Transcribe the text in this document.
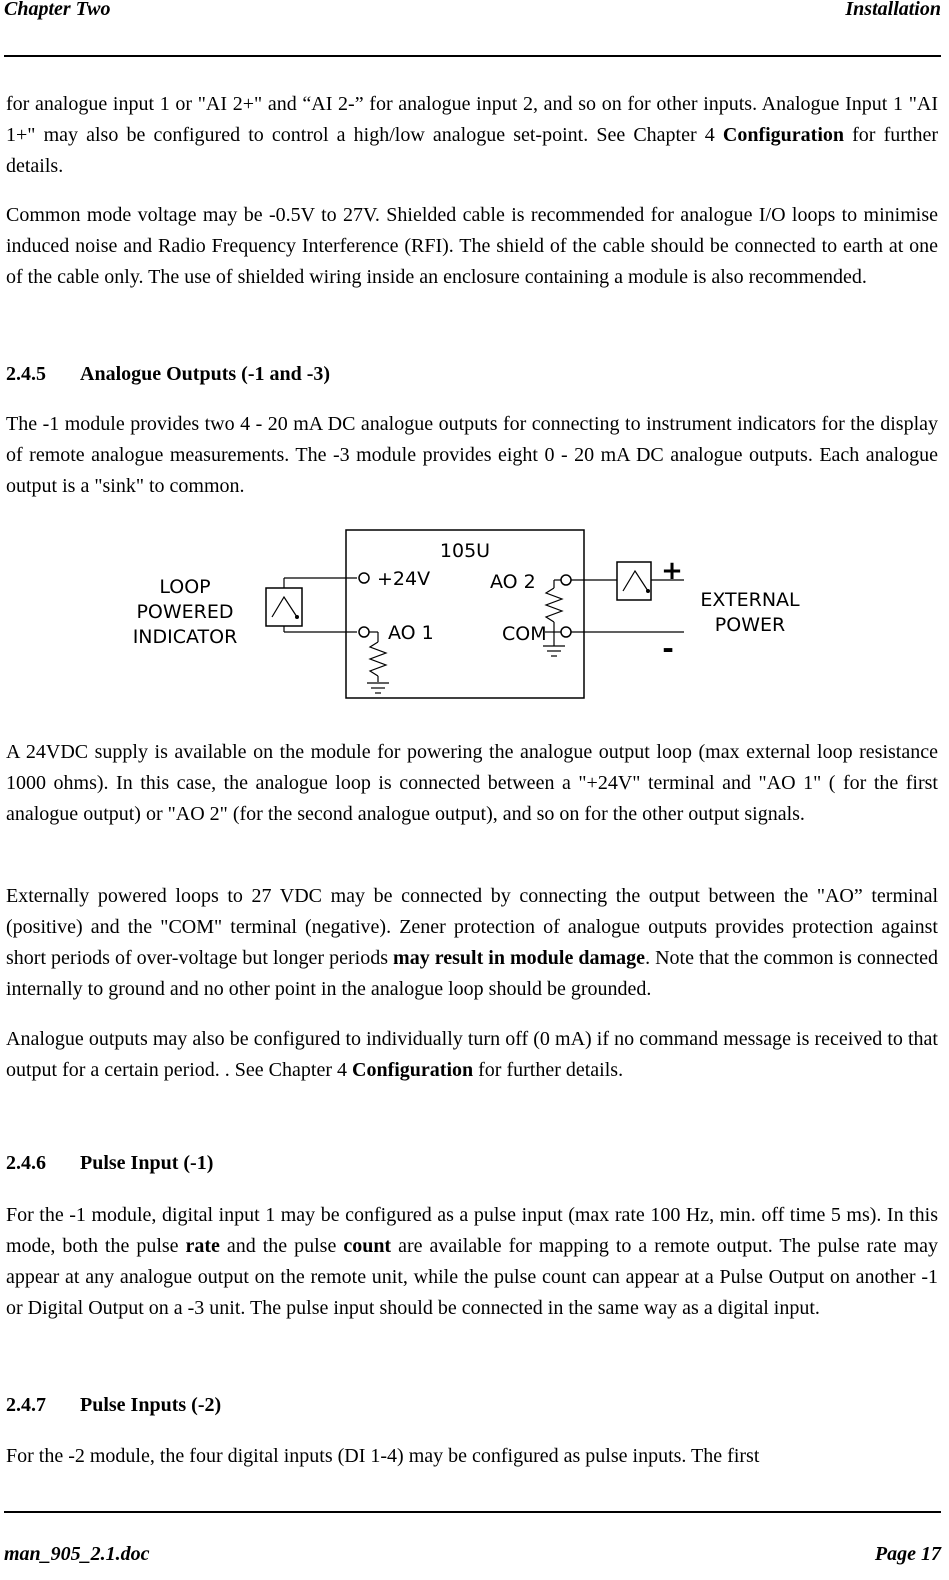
Chapter Two	Installation

for analogue input 1 or "AI 2+" and “AI 2-” for analogue input 2, and so on for other inputs. Analogue Input 1 "AI 1+" may also be configured to control a high/low analogue set-point. See Chapter 4 Configuration for further details.

Common mode voltage may be -0.5V to 27V. Shielded cable is recommended for analogue I/O loops to minimise induced noise and Radio Frequency Interference (RFI). The shield of the cable should be connected to earth at one of the cable only. The use of shielded wiring inside an enclosure containing a module is also recommended.

2.4.5 Analogue Outputs (-1 and -3)

The -1 module provides two 4 - 20 mA DC analogue outputs for connecting to instrument indicators for the display of remote analogue measurements. The -3 module provides eight 0 - 20 mA DC analogue outputs. Each analogue output is a "sink" to common.

105U
LOOP
POWERED
INDICATOR
+24V
AO 1
AO 2
COM
+
-
EXTERNAL
POWER

A 24VDC supply is available on the module for powering the analogue output loop (max external loop resistance 1000 ohms). In this case, the analogue loop is connected between a "+24V" terminal and "AO 1" ( for the first analogue output) or "AO 2" (for the second analogue output), and so on for the other output signals.

Externally powered loops to 27 VDC may be connected by connecting the output between the "AO” terminal (positive) and the "COM" terminal (negative). Zener protection of analogue outputs provides protection against short periods of over-voltage but longer periods may result in module damage. Note that the common is connected internally to ground and no other point in the analogue loop should be grounded.

Analogue outputs may also be configured to individually turn off (0 mA) if no command message is received to that output for a certain period. . See Chapter 4 Configuration for further details.

2.4.6 Pulse Input (-1)

For the -1 module, digital input 1 may be configured as a pulse input (max rate 100 Hz, min. off time 5 ms). In this mode, both the pulse rate and the pulse count are available for mapping to a remote output. The pulse rate may appear at any analogue output on the remote unit, while the pulse count can appear at a Pulse Output on another -1 or Digital Output on a -3 unit. The pulse input should be connected in the same way as a digital input.

2.4.7 Pulse Inputs (-2)

For the -2 module, the four digital inputs (DI 1-4) may be configured as pulse inputs. The first

man_905_2.1.doc	Page 17
